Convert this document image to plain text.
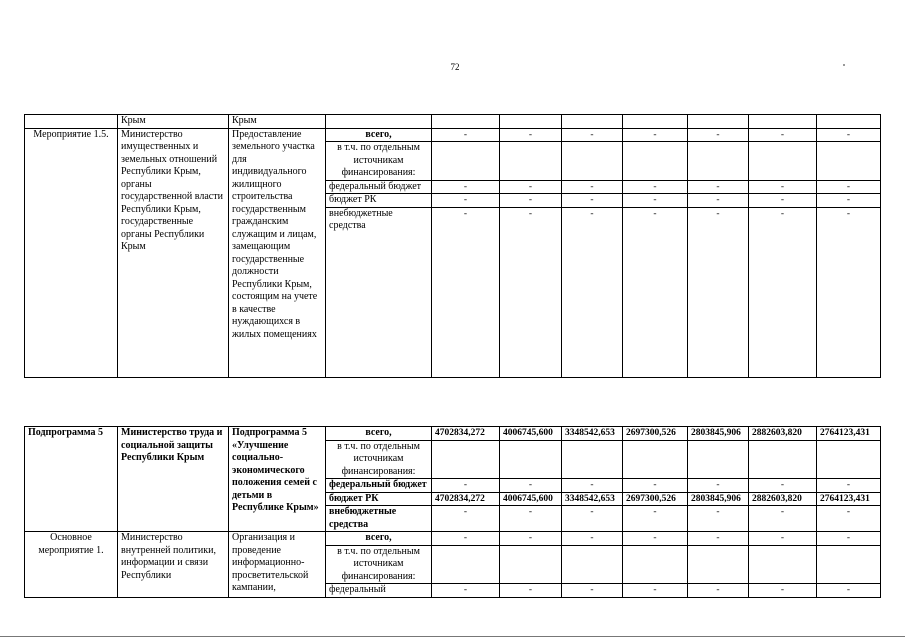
72
	Крым	Крым								
Мероприятие 1.5.	Министерство имущественных и земельных отношений Республики Крым, органы государственной власти Республики Крым, государственные органы Республики Крым	Предоставление земельного участка для индивидуального жилищного строительства государственным гражданским служащим и лицам, замещающим государственные должности Республики Крым, состоящим на учете в качестве нуждающихся в жилых помещениях	всего,	-	-	-	-	-	-	-
			в т.ч. по отдельным источникам финансирования:							
			федеральный бюджет	-	-	-	-	-	-	-
			бюджет РК	-	-	-	-	-	-	-
			внебюджетные средства	-	-	-	-	-	-	-
Подпрограмма 5	Министерство труда и социальной защиты Республики Крым	Подпрограмма 5 «Улучшение социально-экономического положения семей с детьми в Республике Крым»	всего,	4702834,272	4006745,600	3348542,653	2697300,526	2803845,906	2882603,820	2764123,431
			в т.ч. по отдельным источникам финансирования:							
			федеральный бюджет	-	-	-	-	-	-	-
			бюджет РК	4702834,272	4006745,600	3348542,653	2697300,526	2803845,906	2882603,820	2764123,431
			внебюджетные средства	-	-	-	-	-	-	-
Основное мероприятие 1.	Министерство внутренней политики, информации и связи Республики	Организация и проведение информационно-просветительской кампании,	всего,	-	-	-	-	-	-	-
			в т.ч. по отдельным источникам финансирования:							
			федеральный	-	-	-	-	-	-	-
